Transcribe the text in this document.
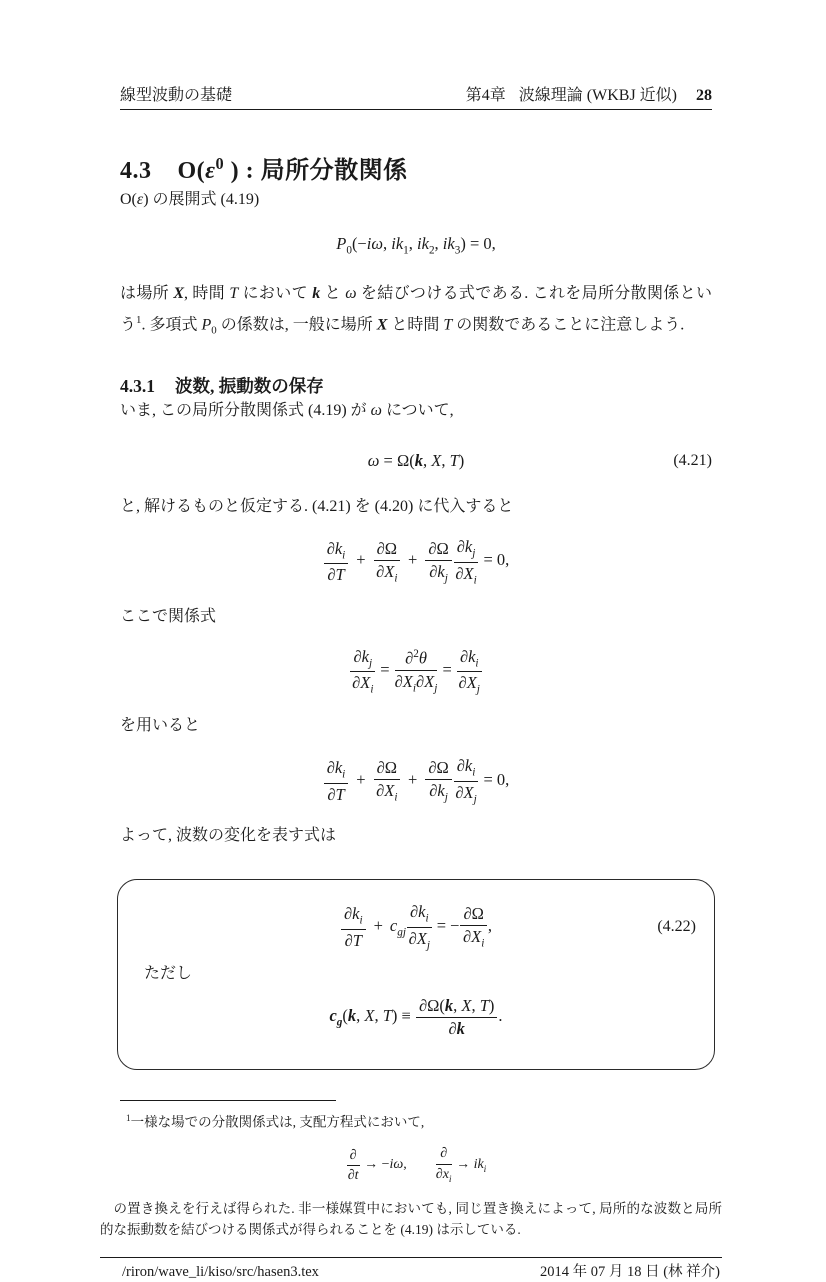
線型波動の基礎	第4章 波線理論 (WKBJ 近似) 28
4.3 $O(\varepsilon^0$ ) : 局所分散関係

O(ε) の展開式 (4.19)

$P_0(-i\omega$, $ik_1$, $ik_2$, $ik_3) = 0$,

は場所 X, 時間 T において k と ω を結びつける式である. これを局所分散関係という$^1$. 多項式 $P_0$ の係数は, 一般に場所 X と時間 T の関数であることに注意しよう.

4.3.1 波数, 振動数の保存

いま, この局所分散関係式 (4.19) が ω について,

ω = Ω(k, X, T)	(4.21)

と, 解けるものと仮定する. (4.21) を (4.20) に代入すると

$\frac{\partial k_i}{\partial T} + \frac{\partial\Omega}{\partial X_i} + \frac{\partial\Omega}{\partial k_j} \frac{\partial k_j}{\partial X_i} = 0$,

ここで関係式

$\frac{\partial k_j}{\partial X_i} = \frac{\partial^2\theta}{\partial X_i\partial X_j} = \frac{\partial k_i}{\partial X_j}$

を用いると

$\frac{\partial k_i}{\partial T} + \frac{\partial\Omega}{\partial X_i} + \frac{\partial\Omega}{\partial k_j} \frac{\partial k_i}{\partial X_j} = 0$,

よって, 波数の変化を表す式は

$\frac{\partial k_i}{\partial T} + c_{gj} \frac{\partial k_i}{\partial X_j}$ = − $\frac{\partial\Omega}{\partial X_i}$ ,	(4.22)
ただし
$c_g(k$, X, $T) \equiv \frac{\partial\Omega(k, X, T)}{\partial k}$ .
$^1$一様な場での分散関係式は, 支配方程式において,
$\frac{\partial}{\partial t} \to -i\omega$,   $\frac{\partial}{\partial x_i} \to ik_i$

の置き換えを行えば得られた. 非一様媒質中においても, 同じ置き換えによって, 局所的な波数と局所的な振動数を結びつける関係式が得られることを (4.19) は示している.

/riron/wave_li/kiso/src/hasen3.tex	2014 年 07 月 18 日 (林 祥介)
